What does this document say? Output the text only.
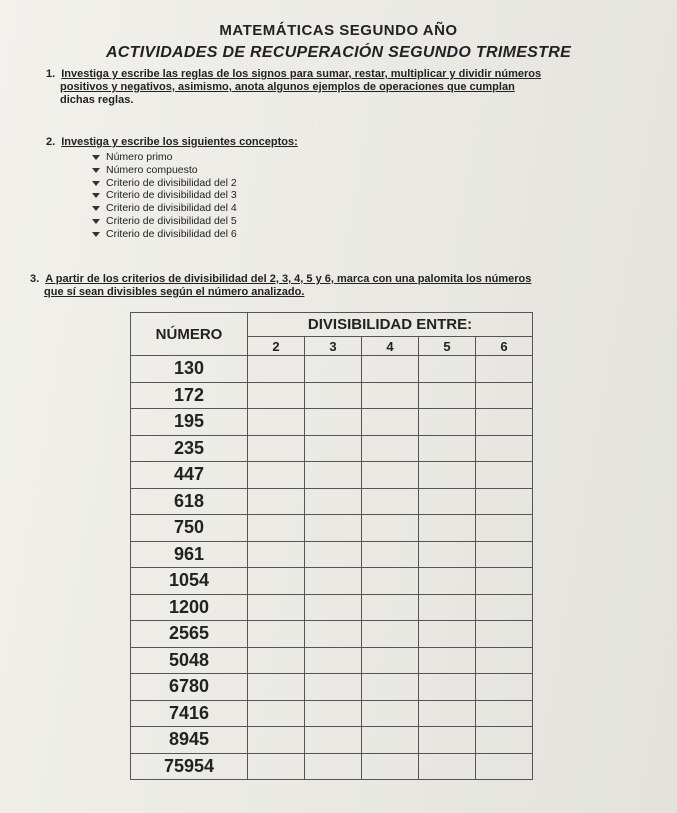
MATEMÁTICAS SEGUNDO AÑO
ACTIVIDADES DE RECUPERACIÓN SEGUNDO TRIMESTRE
1. Investiga y escribe las reglas de los signos para sumar, restar, multiplicar y dividir números
positivos y negativos, asimismo, anota algunos ejemplos de operaciones que cumplan
dichas reglas.
2. Investiga y escribe los siguientes conceptos:
Número primo
Número compuesto
Criterio de divisibilidad del 2
Criterio de divisibilidad del 3
Criterio de divisibilidad del 4
Criterio de divisibilidad del 5
Criterio de divisibilidad del 6
3. A partir de los criterios de divisibilidad del 2, 3, 4, 5 y 6, marca con una palomita los números
que sí sean divisibles según el número analizado.
NÚMERO	DIVISIBILIDAD ENTRE:				
	2	3	4	5	6
130					
172					
195					
235					
447					
618					
750					
961					
1054					
1200					
2565					
5048					
6780					
7416					
8945					
75954					
